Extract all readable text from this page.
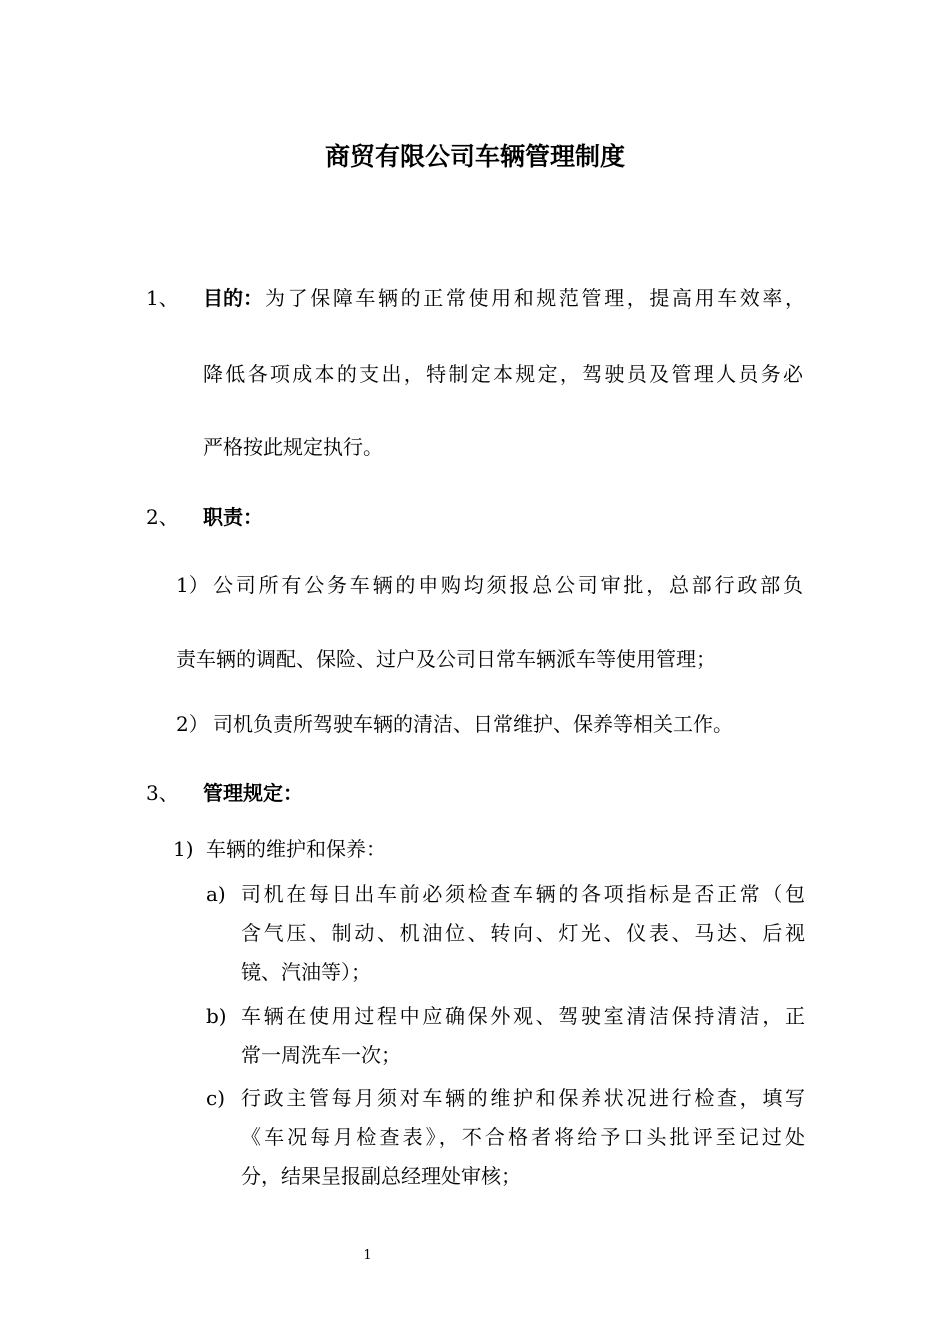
商贸有限公司车辆管理制度
1、 目的： 为了保障车辆的正常使用和规范管理，提高用车效率，
降低各项成本的支出，特制定本规定，驾驶员及管理人员务必
严格按此规定执行。
2、 职责：
1） 公司所有公务车辆的申购均须报总公司审批，总部行政部负
责车辆的调配、保险、过户及公司日常车辆派车等使用管理；
2） 司机负责所驾驶车辆的清洁、日常维护、保养等相关工作。
3、 管理规定：
1) 车辆的维护和保养：
a) 司机在每日出车前必须检查车辆的各项指标是否正常（包
含气压、制动、机油位、转向、灯光、仪表、马达、后视
镜、汽油等）；
b) 车辆在使用过程中应确保外观、驾驶室清洁保持清洁，正
常一周洗车一次；
c) 行政主管每月须对车辆的维护和保养状况进行检查，填写
《车况每月检查表》，不合格者将给予口头批评至记过处
分，结果呈报副总经理处审核；
1
